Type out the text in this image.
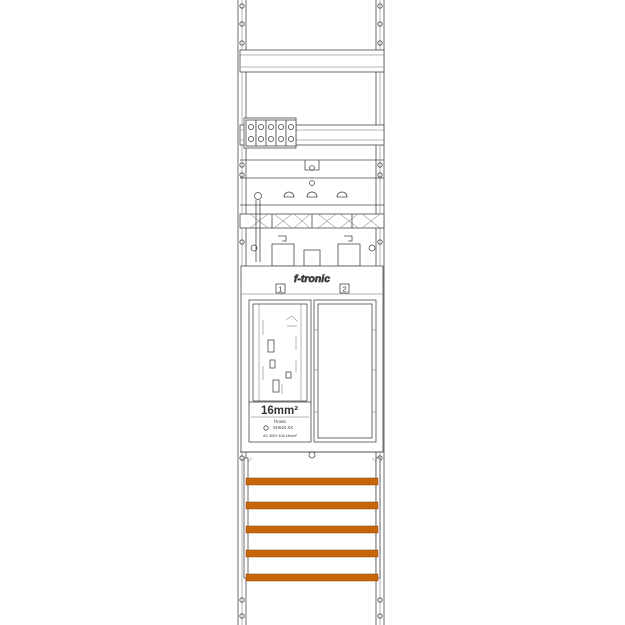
f-tronic
1	2
16mm²
f-tronic
SHS24 XX
AC 400V 40A 16mm²
